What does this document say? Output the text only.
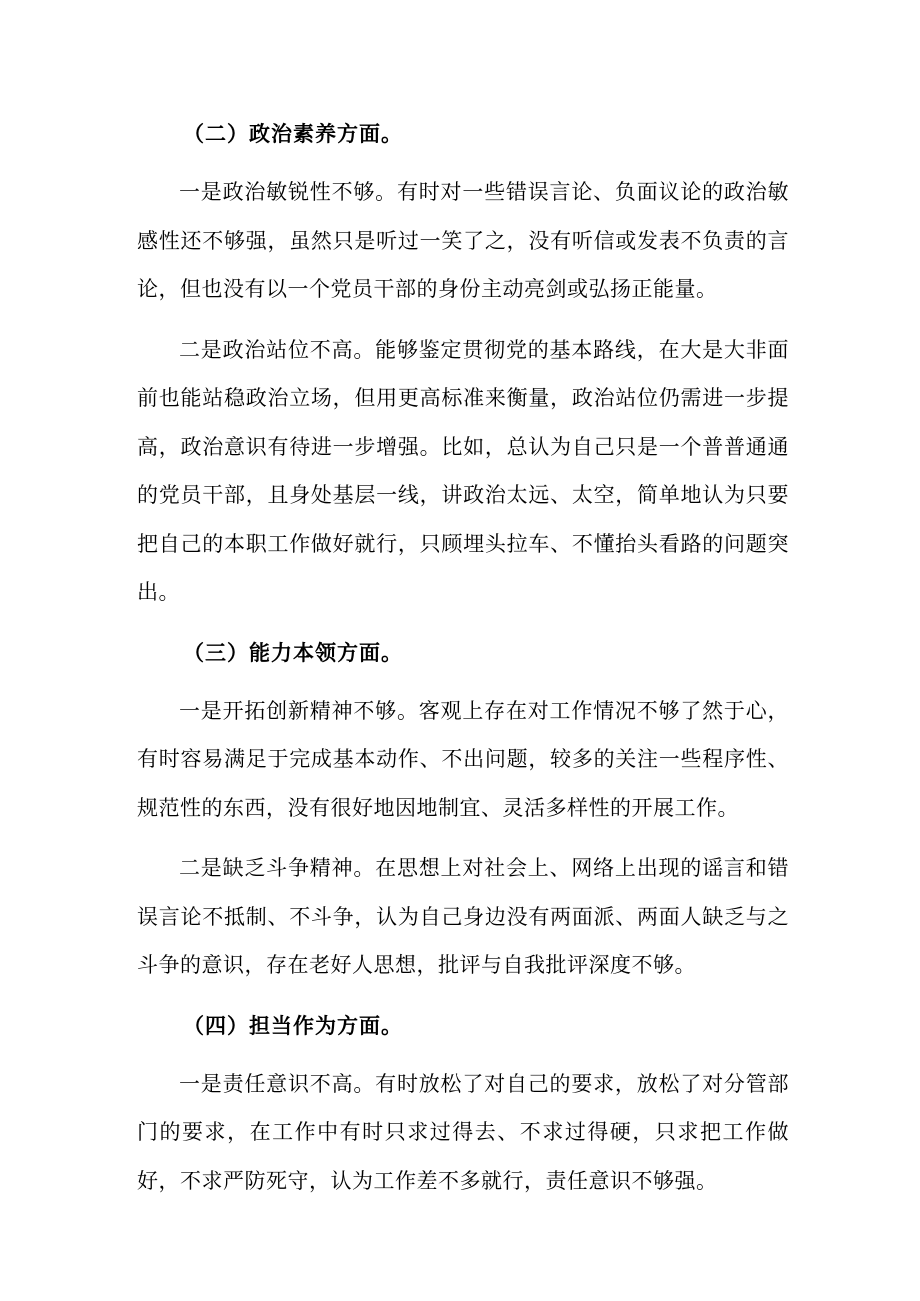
（二）政治素养方面。

一是政治敏锐性不够。有时对一些错误言论、负面议论的政治敏感性还不够强，虽然只是听过一笑了之，没有听信或发表不负责的言论，但也没有以一个党员干部的身份主动亮剑或弘扬正能量。

二是政治站位不高。能够鉴定贯彻党的基本路线，在大是大非面前也能站稳政治立场，但用更高标准来衡量，政治站位仍需进一步提高，政治意识有待进一步增强。比如，总认为自己只是一个普普通通的党员干部，且身处基层一线，讲政治太远、太空，简单地认为只要把自己的本职工作做好就行，只顾埋头拉车、不懂抬头看路的问题突出。

（三）能力本领方面。

一是开拓创新精神不够。客观上存在对工作情况不够了然于心，有时容易满足于完成基本动作、不出问题，较多的关注一些程序性、规范性的东西，没有很好地因地制宜、灵活多样性的开展工作。

二是缺乏斗争精神。在思想上对社会上、网络上出现的谣言和错误言论不抵制、不斗争，认为自己身边没有两面派、两面人缺乏与之斗争的意识，存在老好人思想，批评与自我批评深度不够。

（四）担当作为方面。

一是责任意识不高。有时放松了对自己的要求，放松了对分管部门的要求，在工作中有时只求过得去、不求过得硬，只求把工作做好，不求严防死守，认为工作差不多就行，责任意识不够强。
